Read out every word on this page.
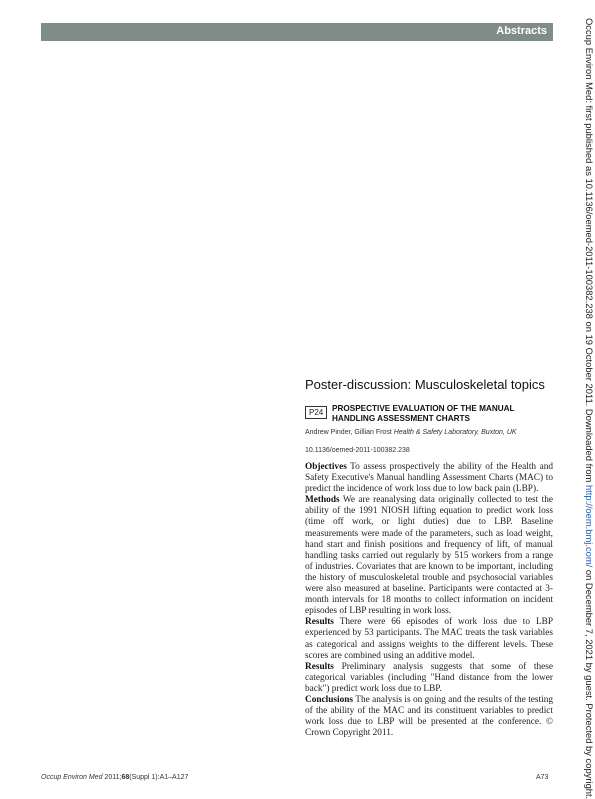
Abstracts	Occup Environ Med: first published as 10.1136/oemed-2011-100382.238 on 19 October 2011. Downloaded from http://oem.bmj.com/ on December 7, 2021 by guest. Protected by copyright.
Poster-discussion: Musculoskeletal topics
P24	PROSPECTIVE EVALUATION OF THE MANUAL HANDLING ASSESSMENT CHARTS
Andrew Pinder, Gillian Frost Health & Safety Laboratory, Buxton, UK
10.1136/oemed-2011-100382.238

Objectives To assess prospectively the ability of the Health and Safety Executive's Manual handling Assessment Charts (MAC) to predict the incidence of work loss due to low back pain (LBP).

Methods We are reanalysing data originally collected to test the ability of the 1991 NIOSH lifting equation to predict work loss (time off work, or light duties) due to LBP. Baseline measurements were made of the parameters, such as load weight, hand start and finish positions and frequency of lift, of manual handling tasks carried out regularly by 515 workers from a range of industries. Covariates that are known to be important, including the history of musculoskeletal trouble and psychosocial variables were also measured at baseline. Participants were contacted at 3-month intervals for 18 months to collect information on incident episodes of LBP resulting in work loss.

Results There were 66 episodes of work loss due to LBP experienced by 53 participants. The MAC treats the task variables as categorical and assigns weights to the different levels. These scores are combined using an additive model.

Results Preliminary analysis suggests that some of these categorical variables (including "Hand distance from the lower back") predict work loss due to LBP.

Conclusions The analysis is on going and the results of the testing of the ability of the MAC and its constituent variables to predict work loss due to LBP will be presented at the conference. © Crown Copyright 2011.

Occup Environ Med 2011;68(Suppl 1):A1–A127	A73
